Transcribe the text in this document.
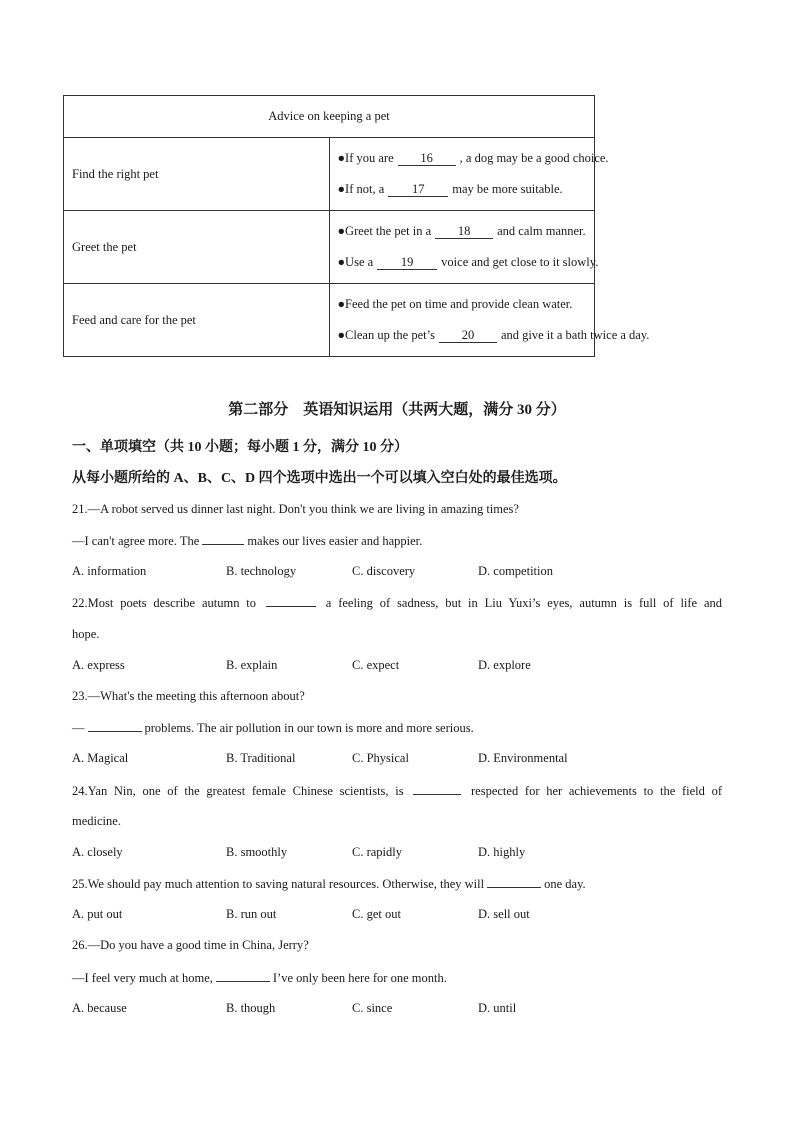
Advice on keeping a pet	
Find the right pet	●If you are 16 , a dog may be a good choice.
●If not, a 17 may be more suitable.

Greet the pet	●Greet the pet in a 18 and calm manner.
●Use a 19 voice and get close to it slowly.

Feed and care for the pet	●Feed the pet on time and provide clean water.
●Clean up the pet’s 20 and give it a bath twice a day.
第二部分　英语知识运用（共两大题，满分 30 分）
一、单项填空（共 10 小题；每小题 1 分，满分 10 分）
从每小题所给的 A、B、C、D 四个选项中选出一个可以填入空白处的最佳选项。
21.—A robot served us dinner last night. Don't you think we are living in amazing times?
—I can't agree more. The	makes our lives easier and happier.
A. information	B. technology	C. discovery	D. competition
22.Most poets describe autumn to	a feeling of sadness, but in Liu Yuxi’s eyes, autumn is full of life and
hope.
A. express	B. explain	C. expect	D. explore
23.—What's the meeting this afternoon about?
—	problems. The air pollution in our town is more and more serious.
A. Magical	B. Traditional	C. Physical	D. Environmental
24.Yan Nin, one of the greatest female Chinese scientists, is	respected for her achievements to the field of
medicine.
A. closely	B. smoothly	C. rapidly	D. highly
25.We should pay much attention to saving natural resources. Otherwise, they will	one day.
A. put out	B. run out	C. get out	D. sell out
26.—Do you have a good time in China, Jerry?
—I feel very much at home,	I’ve only been here for one month.
A. because	B. though	C. since	D. until
